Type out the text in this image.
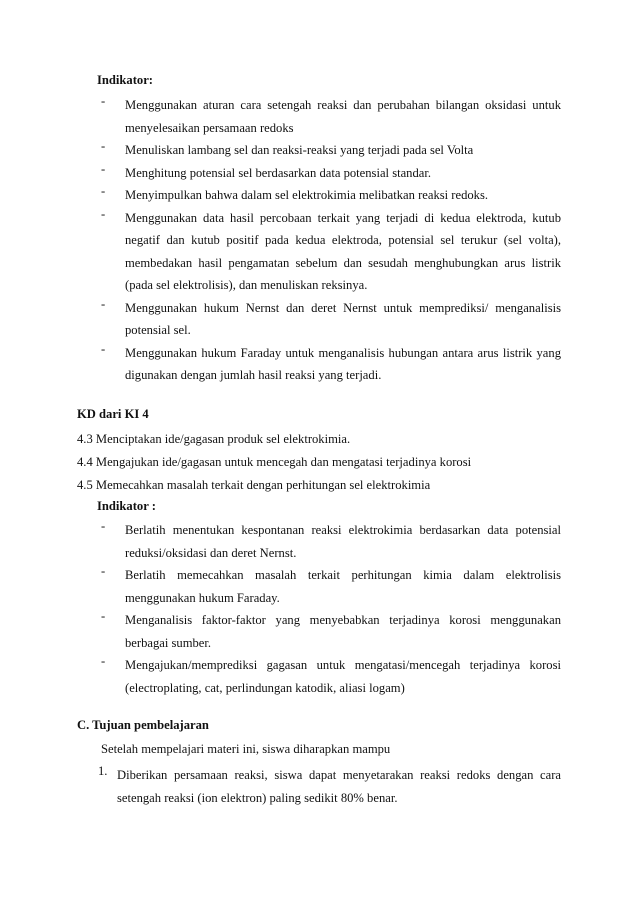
Indikator:

- Menggunakan aturan cara setengah reaksi dan perubahan bilangan oksidasi untuk menyelesaikan persamaan redoks
- Menuliskan lambang sel dan reaksi-reaksi yang terjadi pada sel Volta
- Menghitung potensial sel berdasarkan data potensial standar.
- Menyimpulkan bahwa dalam sel elektrokimia melibatkan reaksi redoks.
- Menggunakan data hasil percobaan terkait yang terjadi di kedua elektroda, kutub negatif dan kutub positif pada kedua elektroda, potensial sel terukur (sel volta), membedakan hasil pengamatan sebelum dan sesudah menghubungkan arus listrik (pada sel elektrolisis), dan menuliskan reksinya.
- Menggunakan hukum Nernst dan deret Nernst untuk memprediksi/ menganalisis potensial sel.
- Menggunakan hukum Faraday untuk menganalisis hubungan antara arus listrik yang digunakan dengan jumlah hasil reaksi yang terjadi.

KD dari KI 4

4.3 Menciptakan ide/gagasan produk sel elektrokimia.
4.4 Mengajukan ide/gagasan untuk mencegah dan mengatasi terjadinya korosi
4.5 Memecahkan masalah terkait dengan perhitungan sel elektrokimia

Indikator :

- Berlatih menentukan kespontanan reaksi elektrokimia berdasarkan data potensial reduksi/oksidasi dan deret Nernst.
- Berlatih memecahkan masalah terkait perhitungan kimia dalam elektrolisis menggunakan hukum Faraday.
- Menganalisis faktor-faktor yang menyebabkan terjadinya korosi menggunakan berbagai sumber.
- Mengajukan/memprediksi gagasan untuk mengatasi/mencegah terjadinya korosi (electroplating, cat, perlindungan katodik, aliasi logam)

C. Tujuan pembelajaran

Setelah mempelajari materi ini, siswa diharapkan mampu
1. Diberikan persamaan reaksi, siswa dapat menyetarakan reaksi redoks dengan cara setengah reaksi (ion elektron) paling sedikit 80% benar.
